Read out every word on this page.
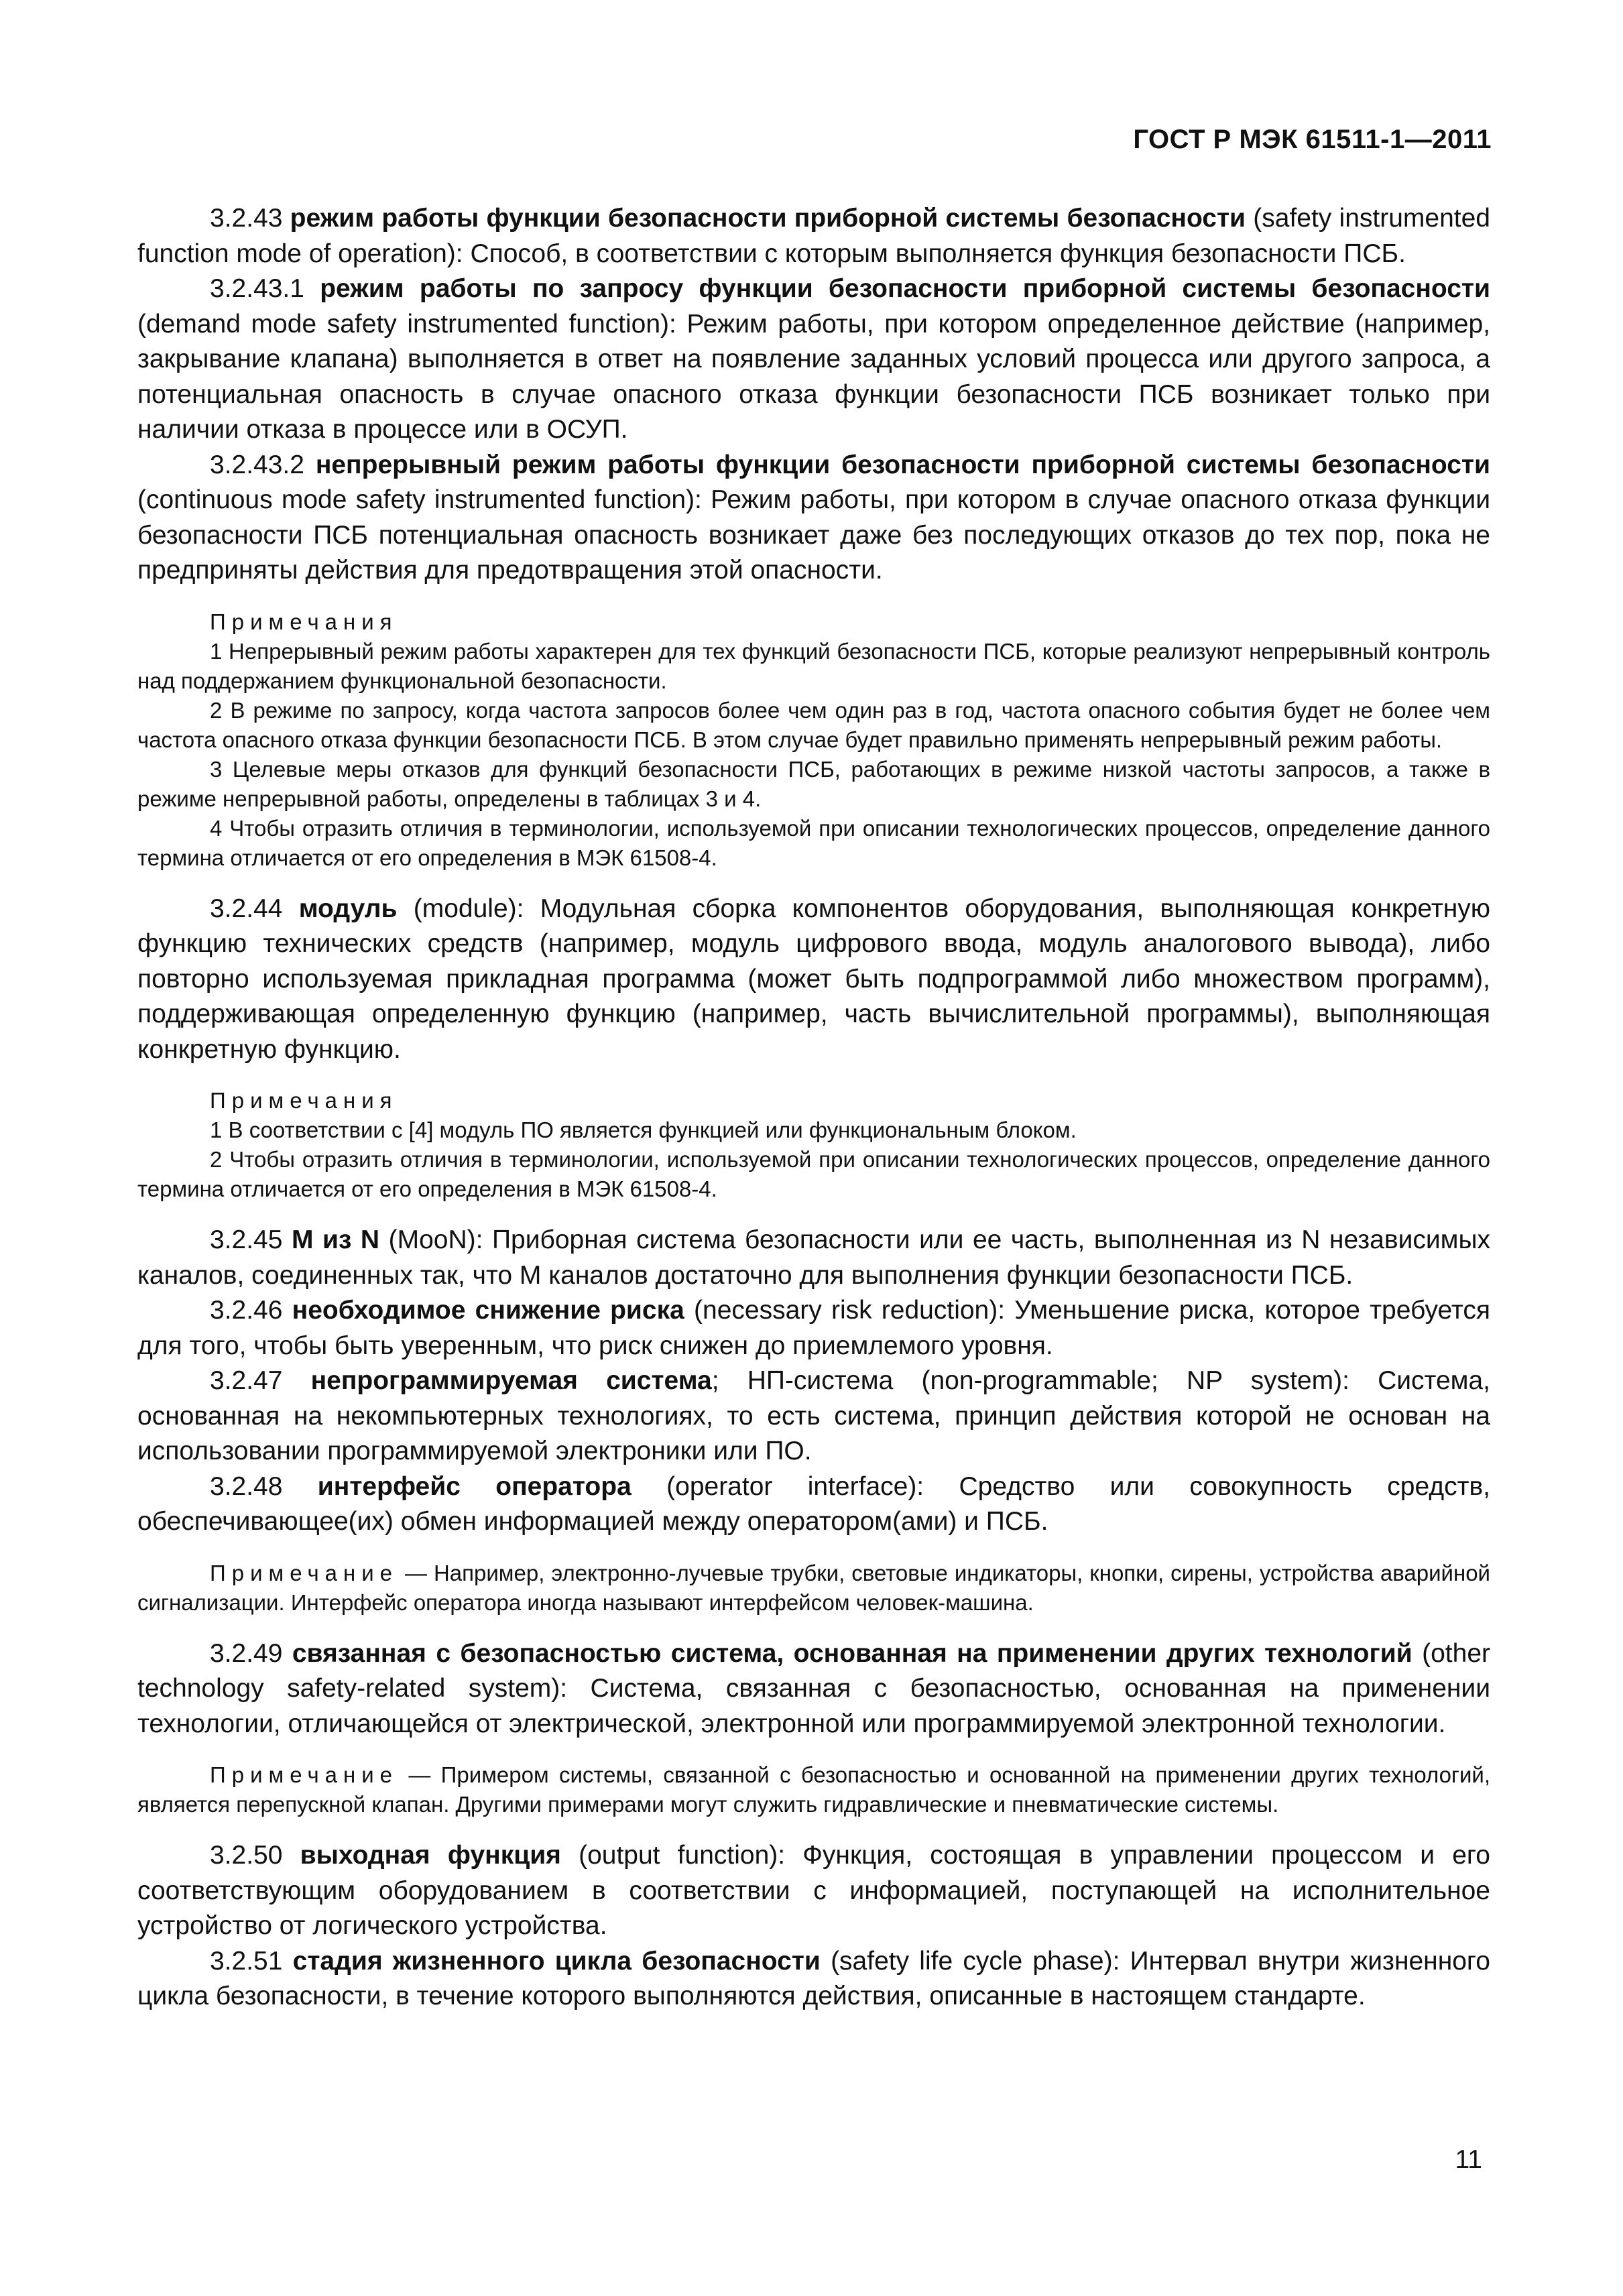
ГОСТ Р МЭК 61511-1—2011

3.2.43 режим работы функции безопасности приборной системы безопасности (safety instrumented function mode of operation): Способ, в соответствии с которым выполняется функция безопасности ПСБ.

3.2.43.1 режим работы по запросу функции безопасности приборной системы безопасности (demand mode safety instrumented function): Режим работы, при котором определенное действие (например, закрывание клапана) выполняется в ответ на появление заданных условий процесса или другого запроса, а потенциальная опасность в случае опасного отказа функции безопасности ПСБ возникает только при наличии отказа в процессе или в ОСУП.

3.2.43.2 непрерывный режим работы функции безопасности приборной системы безопасности (continuous mode safety instrumented function): Режим работы, при котором в случае опасного отказа функции безопасности ПСБ потенциальная опасность возникает даже без последующих отказов до тех пор, пока не предприняты действия для предотвращения этой опасности.

Примечания

1 Непрерывный режим работы характерен для тех функций безопасности ПСБ, которые реализуют непрерывный контроль над поддержанием функциональной безопасности.

2 В режиме по запросу, когда частота запросов более чем один раз в год, частота опасного события будет не более чем частота опасного отказа функции безопасности ПСБ. В этом случае будет правильно применять непрерывный режим работы.

3 Целевые меры отказов для функций безопасности ПСБ, работающих в режиме низкой частоты запросов, а также в режиме непрерывной работы, определены в таблицах 3 и 4.

4 Чтобы отразить отличия в терминологии, используемой при описании технологических процессов, определение данного термина отличается от его определения в МЭК 61508-4.

3.2.44 модуль (module): Модульная сборка компонентов оборудования, выполняющая конкретную функцию технических средств (например, модуль цифрового ввода, модуль аналогового вывода), либо повторно используемая прикладная программа (может быть подпрограммой либо множеством программ), поддерживающая определенную функцию (например, часть вычислительной программы), выполняющая конкретную функцию.

Примечания

1 В соответствии с [4] модуль ПО является функцией или функциональным блоком.

2 Чтобы отразить отличия в терминологии, используемой при описании технологических процессов, определение данного термина отличается от его определения в МЭК 61508-4.

3.2.45 M из N (MooN): Приборная система безопасности или ее часть, выполненная из N независимых каналов, соединенных так, что M каналов достаточно для выполнения функции безопасности ПСБ.

3.2.46 необходимое снижение риска (necessary risk reduction): Уменьшение риска, которое требуется для того, чтобы быть уверенным, что риск снижен до приемлемого уровня.

3.2.47 непрограммируемая система; НП-система (non-programmable; NP system): Система, основанная на некомпьютерных технологиях, то есть система, принцип действия которой не основан на использовании программируемой электроники или ПО.

3.2.48 интерфейс оператора (operator interface): Средство или совокупность средств, обеспечивающее(их) обмен информацией между оператором(ами) и ПСБ.

Примечание — Например, электронно-лучевые трубки, световые индикаторы, кнопки, сирены, устройства аварийной сигнализации. Интерфейс оператора иногда называют интерфейсом человек-машина.

3.2.49 связанная с безопасностью система, основанная на применении других технологий (other technology safety-related system): Система, связанная с безопасностью, основанная на применении технологии, отличающейся от электрической, электронной или программируемой электронной технологии.

Примечание — Примером системы, связанной с безопасностью и основанной на применении других технологий, является перепускной клапан. Другими примерами могут служить гидравлические и пневматические системы.

3.2.50 выходная функция (output function): Функция, состоящая в управлении процессом и его соответствующим оборудованием в соответствии с информацией, поступающей на исполнительное устройство от логического устройства.

3.2.51 стадия жизненного цикла безопасности (safety life cycle phase): Интервал внутри жизненного цикла безопасности, в течение которого выполняются действия, описанные в настоящем стандарте.

11
